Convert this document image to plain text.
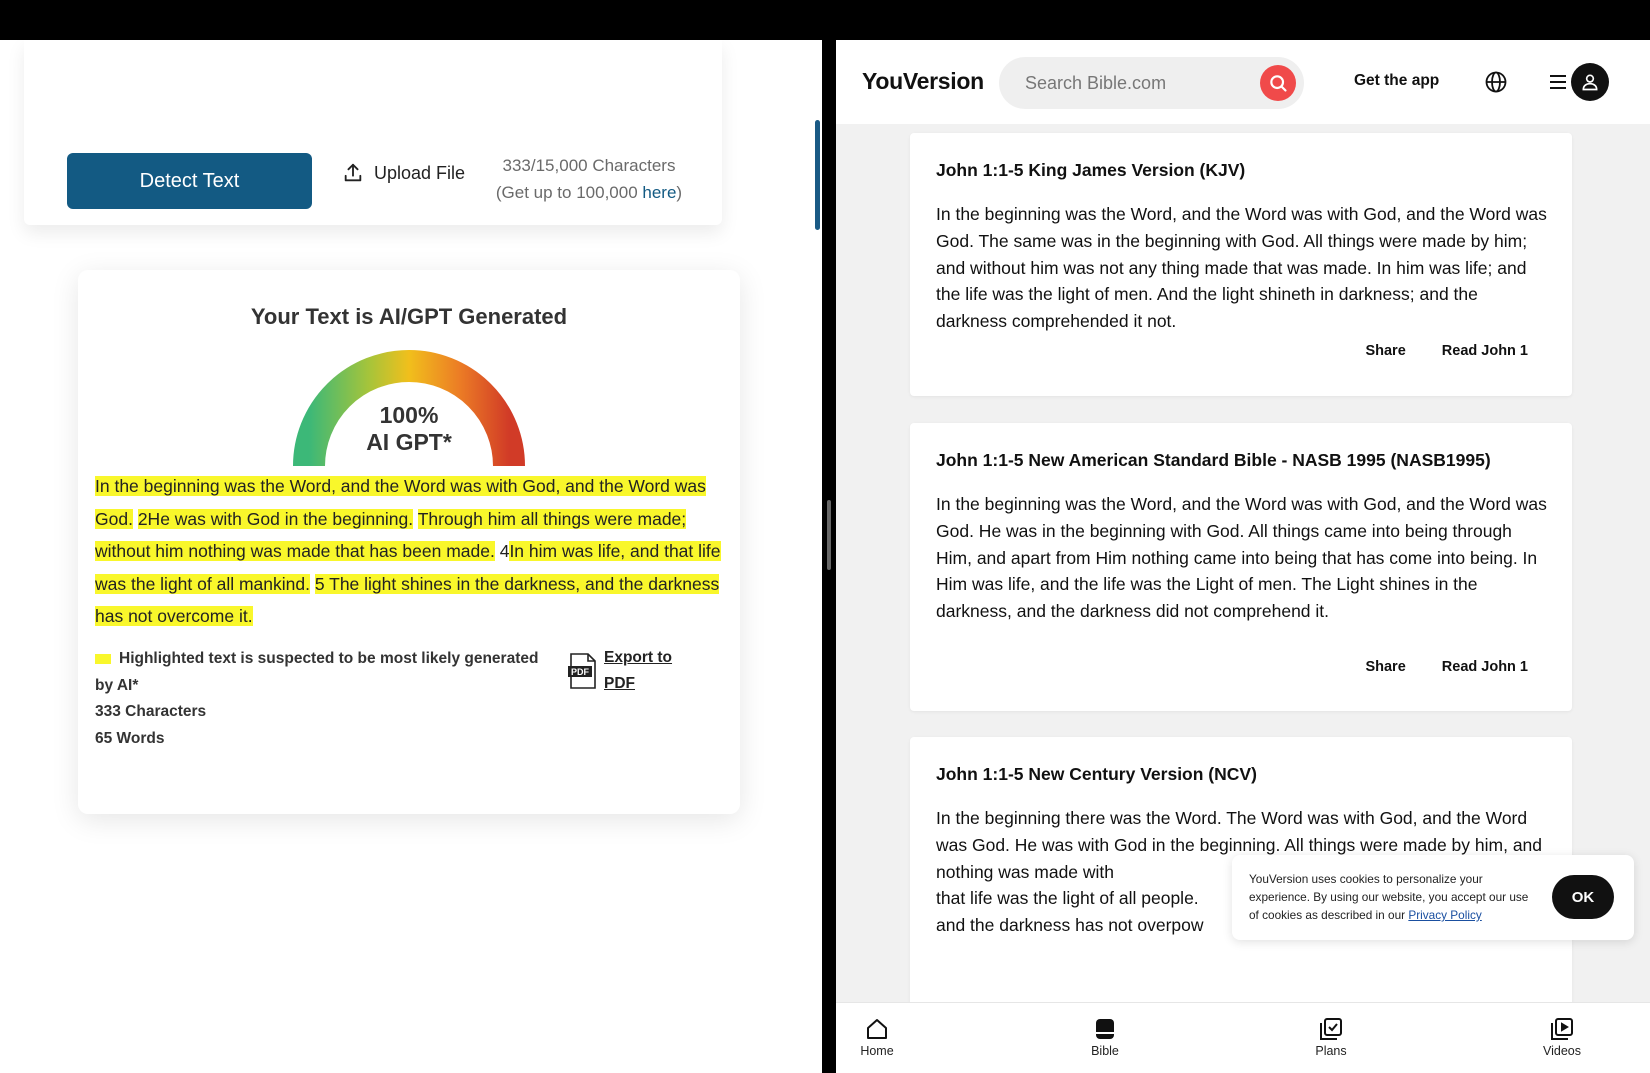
Detect Text	Upload File	333/15,000 Characters
(Get up to 100,000 here)
Your Text is AI/GPT Generated
100%
AI GPT*
In the beginning was the Word, and the Word was with God, and the Word was God. 2He was with God in the beginning. Through him all things were made; without him nothing was made that has been made. 4In him was life, and that life was the light of all mankind. 5 The light shines in the darkness, and the darkness has not overcome it.
Highlighted text is suspected to be most likely generated by AI*
333 Characters
65 Words
PDF
Export to
PDF
YouVersion
Search Bible.com	Get the app
John 1:1-5 King James Version (KJV)
In the beginning was the Word, and the Word was with God, and the Word was God. The same was in the beginning with God. All things were made by him; and without him was not any thing made that was made. In him was life; and the life was the light of men. And the light shineth in darkness; and the darkness comprehended it not.
Share Read John 1
John 1:1-5 New American Standard Bible - NASB 1995 (NASB1995)
In the beginning was the Word, and the Word was with God, and the Word was God. He was in the beginning with God. All things came into being through Him, and apart from Him nothing came into being that has come into being. In Him was life, and the life was the Light of men. The Light shines in the darkness, and the darkness did not comprehend it.
Share Read John 1
John 1:1-5 New Century Version (NCV)
In the beginning there was the Word. The Word was with God, and the Word was God. He was with God in the beginning. All things were made by him, and nothing was made with
that life was the light of all people.
and the darkness has not overpow
YouVersion uses cookies to personalize your experience. By using our website, you accept our use of cookies as described in our Privacy Policy
OK
Home	Bible	Plans	Videos
